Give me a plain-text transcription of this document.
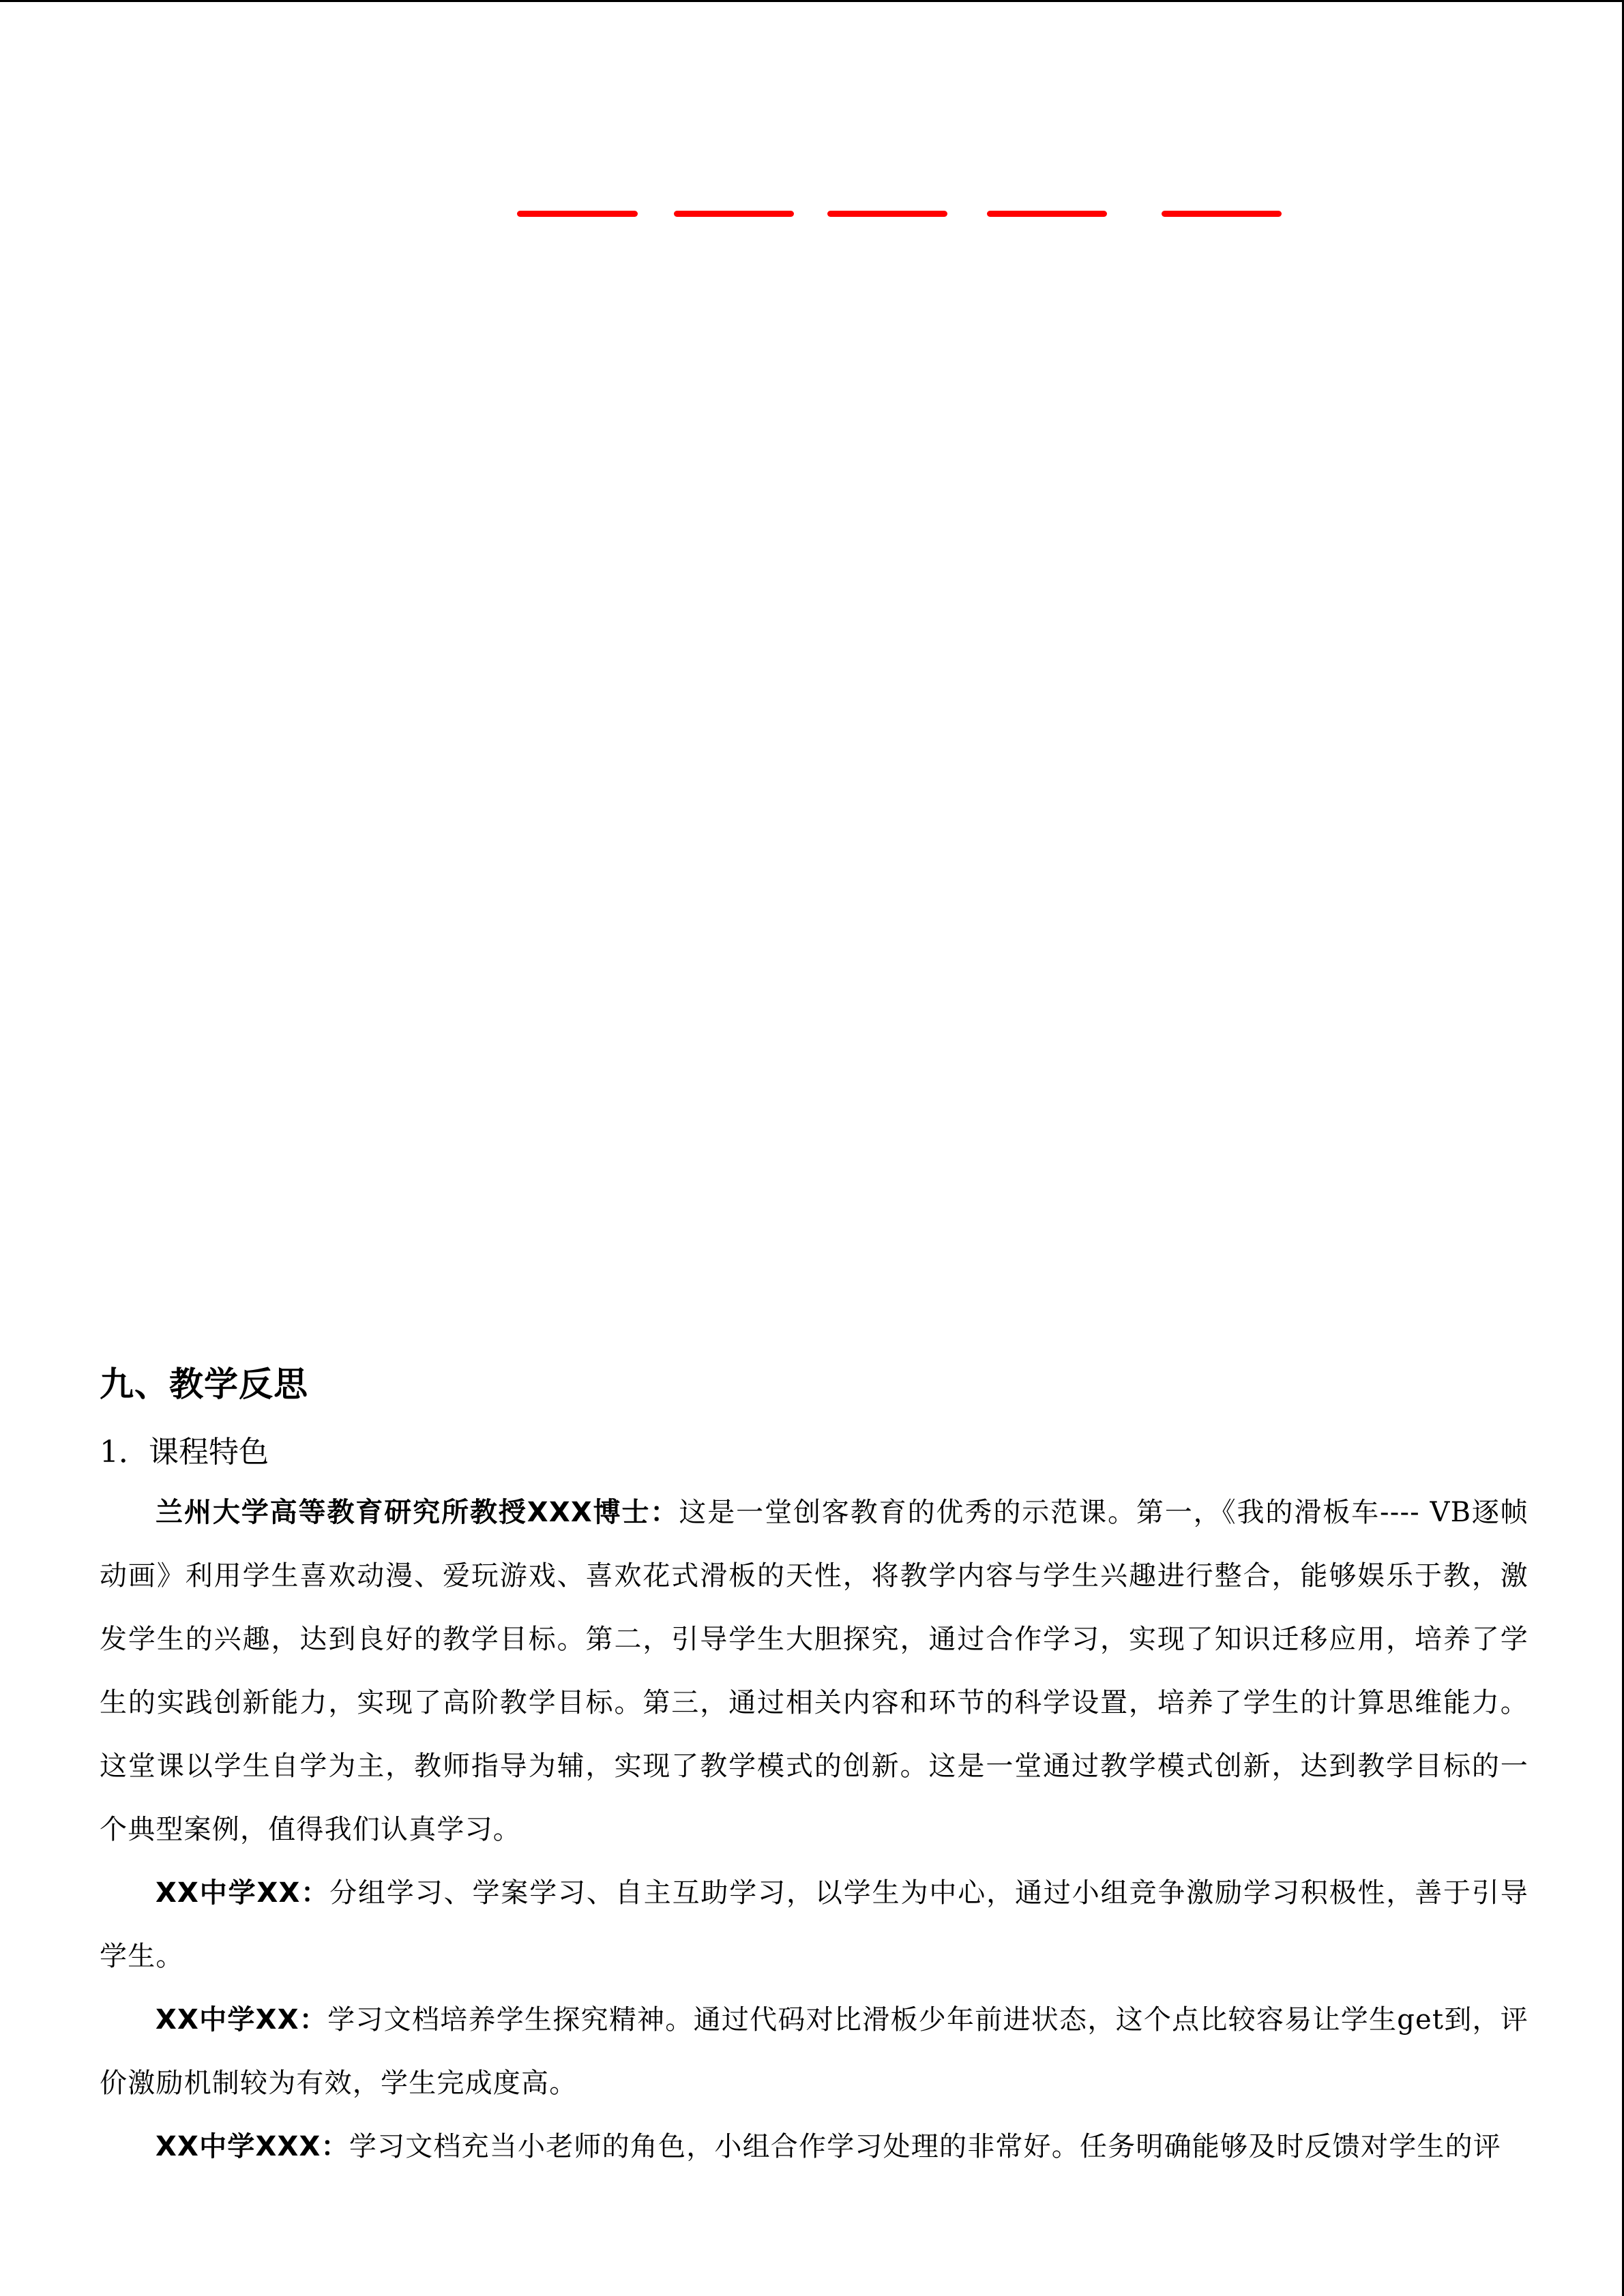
九、教学反思
1．课程特色

兰州大学高等教育研究所教授XXX博士：这是一堂创客教育的优秀的示范课。第一，《我的滑板车---- VB逐帧动画》利用学生喜欢动漫、爱玩游戏、喜欢花式滑板的天性，将教学内容与学生兴趣进行整合，能够娱乐于教，激发学生的兴趣，达到良好的教学目标。第二，引导学生大胆探究，通过合作学习，实现了知识迁移应用，培养了学生的实践创新能力，实现了高阶教学目标。第三，通过相关内容和环节的科学设置，培养了学生的计算思维能力。这堂课以学生自学为主，教师指导为辅，实现了教学模式的创新。这是一堂通过教学模式创新，达到教学目标的一个典型案例，值得我们认真学习。

XX中学XX：分组学习、学案学习、自主互助学习，以学生为中心，通过小组竞争激励学习积极性，善于引导学生。

XX中学XX：学习文档培养学生探究精神。通过代码对比滑板少年前进状态，这个点比较容易让学生get到，评价激励机制较为有效，学生完成度高。

XX中学XXX：学习文档充当小老师的角色，小组合作学习处理的非常好。任务明确能够及时反馈对学生的评
